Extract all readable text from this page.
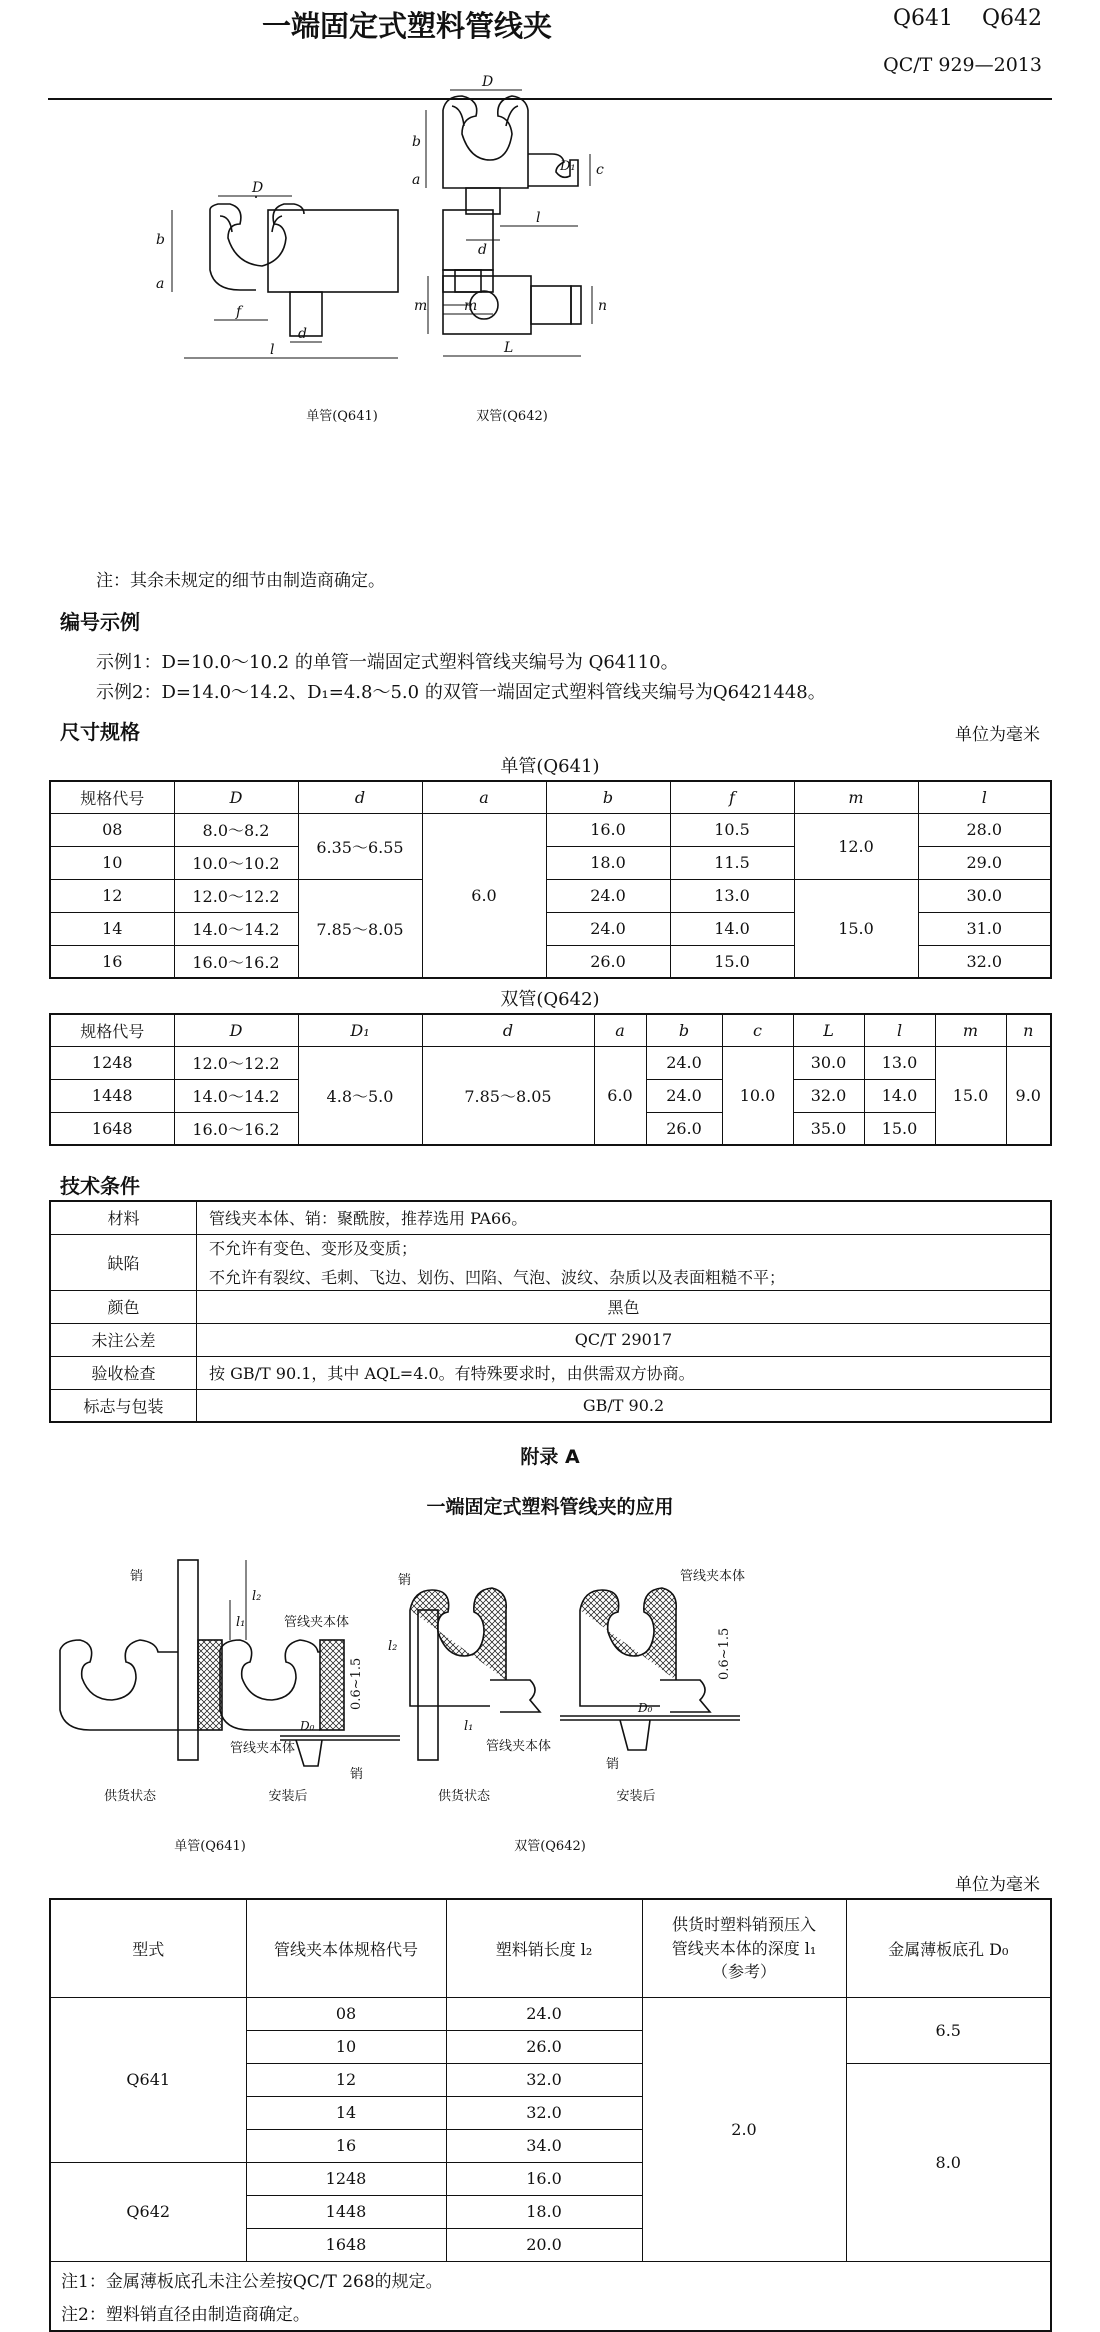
一端固定式塑料管线夹	Q641 Q642
QC/T 929—2013
D
b
a
f
d
l
m
D
D₁ c
b
a
l
d
m	n
L
单管(Q641)	双管(Q642)
注：其余未规定的细节由制造商确定。
编号示例
示例1：D=10.0～10.2 的单管一端固定式塑料管线夹编号为 Q64110。
示例2：D=14.0～14.2、D₁=4.8～5.0 的双管一端固定式塑料管线夹编号为Q6421448。
尺寸规格	单位为毫米
单管(Q641)
规格代号	D	d	a	b	f	m	l
08	8.0～8.2	6.35～6.55	6.0	16.0	10.5	12.0	28.0
10	10.0～10.2			18.0	11.5		29.0
12	12.0～12.2	7.85～8.05		24.0	13.0	15.0	30.0
14	14.0～14.2			24.0	14.0		31.0
16	16.0～16.2			26.0	15.0		32.0
双管(Q642)
规格代号	D	D₁	d	a	b	c	L	l	m	n
1248	12.0～12.2	4.8～5.0	7.85～8.05	6.0	24.0	10.0	30.0	13.0	15.0	9.0
1448	14.0～14.2				24.0		32.0	14.0		
1648	16.0～16.2				26.0		35.0	15.0		
技术条件
材料	管线夹本体、销：聚酰胺，推荐选用 PA66。
缺陷	不允许有变色、变形及变质；
不允许有裂纹、毛刺、飞边、划伤、凹陷、气泡、波纹、杂质以及表面粗糙不平；

颜色	黑色
未注公差	QC/T 29017
验收检查	按 GB/T 90.1，其中 AQL=4.0。有特殊要求时，由供需双方协商。
标志与包装	GB/T 90.2
附录 A
一端固定式塑料管线夹的应用
销
l₁
l₂
管线夹本体
供货状态
管线夹本体
0.6~1.5
D₀
销
安装后
销
l₂
l₁
管线夹本体
供货状态
管线夹本体
0.6~1.5
D₀
销
安装后
单管(Q641)	双管(Q642)
单位为毫米
型式	管线夹本体规格代号	塑料销长度 l₂	供货时塑料销预压入
管线夹本体的深度 l₁
（参考）	金属薄板底孔 D₀
Q641	08	24.0	2.0	6.5
	10	26.0		
	12	32.0		8.0
	14	32.0		
	16	34.0		
Q642	1248	16.0		
	1448	18.0		
	1648	20.0		

注1：金属薄板底孔未注公差按QC/T 268的规定。
注2：塑料销直径由制造商确定。				
